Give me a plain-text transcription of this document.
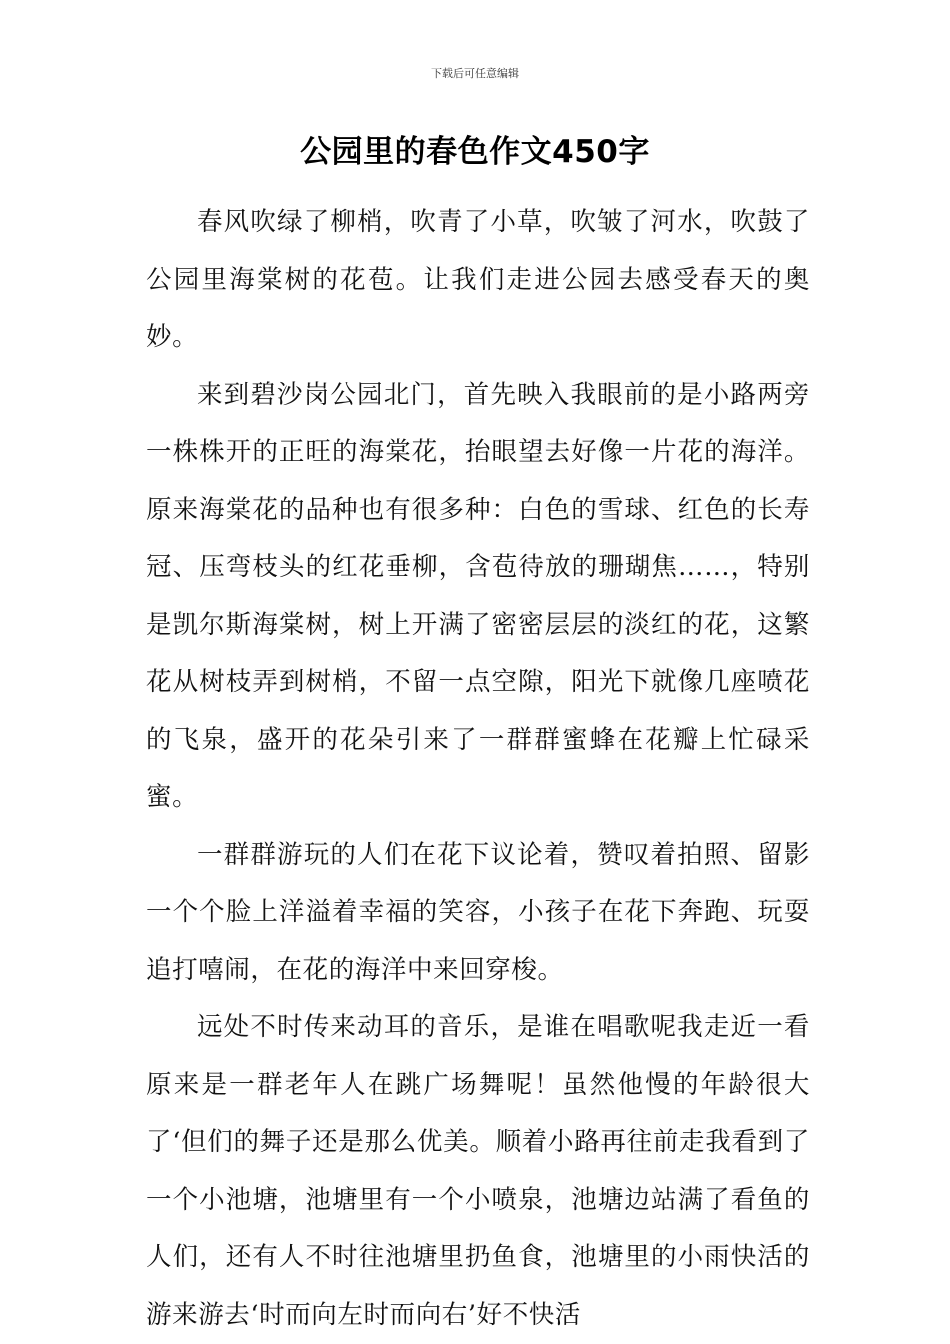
下载后可任意编辑
公园里的春色作文450字

春风吹绿了柳梢，吹青了小草，吹皱了河水，吹鼓了公园里海棠树的花苞。让我们走进公园去感受春天的奥妙。

来到碧沙岗公园北门，首先映入我眼前的是小路两旁一株株开的正旺的海棠花，抬眼望去好像一片花的海洋。原来海棠花的品种也有很多种：白色的雪球、红色的长寿冠、压弯枝头的红花垂柳，含苞待放的珊瑚焦……，特别是凯尔斯海棠树，树上开满了密密层层的淡红的花，这繁花从树枝弄到树梢，不留一点空隙，阳光下就像几座喷花的飞泉，盛开的花朵引来了一群群蜜蜂在花瓣上忙碌采蜜。

一群群游玩的人们在花下议论着，赞叹着拍照、留影一个个脸上洋溢着幸福的笑容，小孩子在花下奔跑、玩耍追打嘻闹，在花的海洋中来回穿梭。

远处不时传来动耳的音乐，是谁在唱歌呢我走近一看原来是一群老年人在跳广场舞呢！虽然他慢的年龄很大了‘但们的舞子还是那么优美。顺着小路再往前走我看到了一个小池塘，池塘里有一个小喷泉，池塘边站满了看鱼的人们，还有人不时往池塘里扔鱼食，池塘里的小雨快活的游来游去‘时而向左时而向右’好不快活
